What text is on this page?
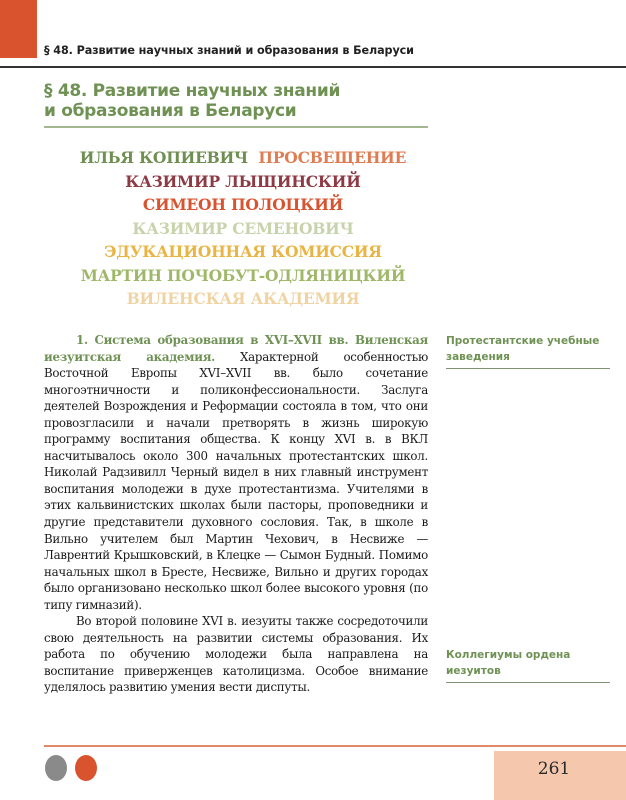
§ 48. Развитие научных знаний и образования в Беларуси
§ 48. Развитие научных знаний
и образования в Беларуси
ИЛЬЯ КОПИЕВИЧ ПРОСВЕЩЕНИЕ
КАЗИМИР ЛЫЩИНСКИЙ
СИМЕОН ПОЛОЦКИЙ
КАЗИМИР СЕМЕНОВИЧ
ЭДУКАЦИОННАЯ КОМИССИЯ
МАРТИН ПОЧОБУТ-ОДЛЯНИЦКИЙ
ВИЛЕНСКАЯ АКАДЕМИЯ

1. Система образования в XVI–XVII вв. Виленская иезуитская академия. Характерной особенностью Восточной Европы XVI–XVII вв. было сочетание многоэтничности и поликонфессиональности. Заслуга деятелей Возрождения и Реформации состояла в том, что они провозгласили и начали претворять в жизнь широкую программу воспитания общества. К концу XVI в. в ВКЛ насчитывалось около 300 начальных протестантских школ. Николай Радзивилл Черный видел в них главный инструмент воспитания молодежи в духе протестантизма. Учителями в этих кальвинистских школах были пасторы, проповедники и другие представители духовного сословия. Так, в школе в Вильно учителем был Мартин Чехович, в Несвиже — Лаврентий Крышковский, в Клецке — Сымон Будный. Помимо начальных школ в Бресте, Несвиже, Вильно и других городах было организовано несколько школ более высокого уровня (по типу гимназий).

Во второй половине XVI в. иезуиты также сосредоточили свою деятельность на развитии системы образования. Их работа по обучению молодежи была направлена на воспитание приверженцев католицизма. Особое внимание уделялось развитию умения вести диспуты.

Протестантские учебные заведения
Коллегиумы ордена иезуитов
261
